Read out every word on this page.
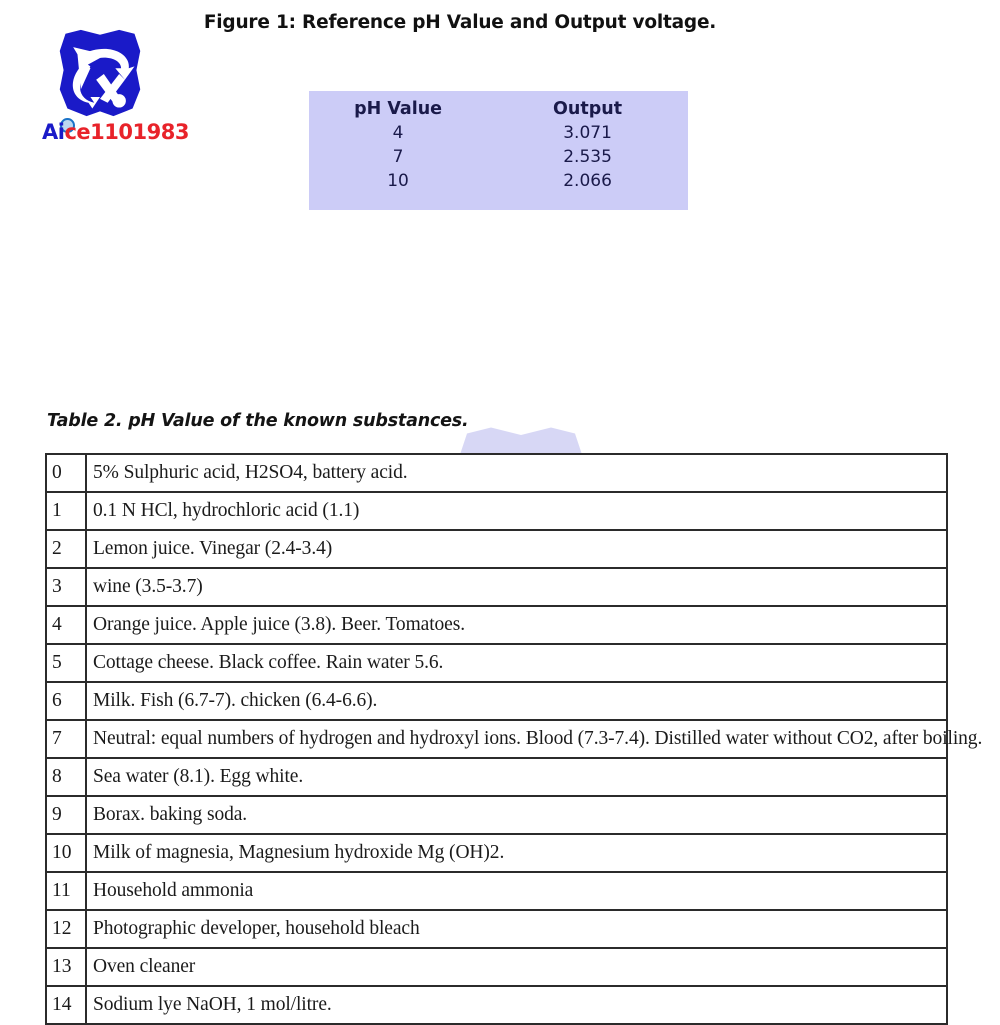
Aice1101983
Figure 1: Reference pH Value and Output voltage.
pH Value	Output
4	3.071
7	2.535
10	2.066
Table 2. pH Value of the known substances.
0	5% Sulphuric acid, H2SO4, battery acid.
1	0.1 N HCl, hydrochloric acid (1.1)
2	Lemon juice. Vinegar (2.4-3.4)
3	wine (3.5-3.7)
4	Orange juice. Apple juice (3.8). Beer. Tomatoes.
5	Cottage cheese. Black coffee. Rain water 5.6.
6	Milk. Fish (6.7-7). chicken (6.4-6.6).
7	Neutral: equal numbers of hydrogen and hydroxyl ions. Blood (7.3-7.4). Distilled water without CO2, after boiling.
8	Sea water (8.1). Egg white.
9	Borax. baking soda.
10	Milk of magnesia, Magnesium hydroxide Mg (OH)2.
11	Household ammonia
12	Photographic developer, household bleach
13	Oven cleaner
14	Sodium lye NaOH, 1 mol/litre.
